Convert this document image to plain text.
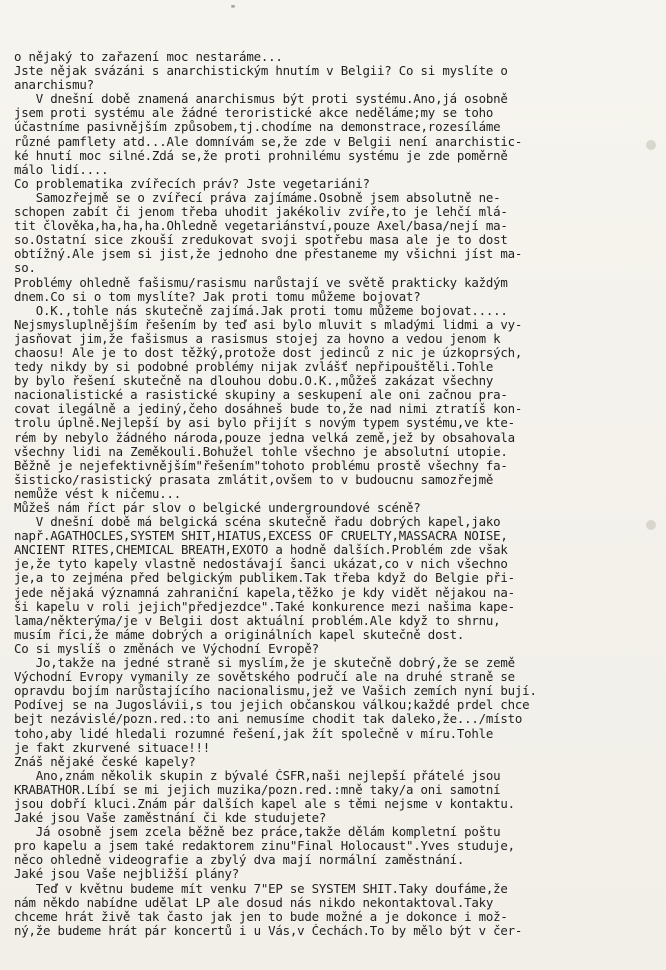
"
o nějaký to zařazení moc nestaráme...
Jste nějak svázáni s anarchistickým hnutím v Belgii? Co si myslíte o
anarchismu?
V dnešní době znamená anarchismus být proti systému.Ano,já osobně
jsem proti systému ale žádné teroristické akce neděláme;my se toho
účastníme pasivnějším způsobem,tj.chodíme na demonstrace,rozesíláme
různé pamflety atd...Ale domnívám se,že zde v Belgii není anarchistic-
ké hnutí moc silné.Zdá se,že proti prohnilému systému je zde poměrně
málo lidí....
Co problematika zvířecích práv? Jste vegetariáni?
Samozřejmě se o zvířecí práva zajímáme.Osobně jsem absolutně ne-
schopen zabít či jenom třeba uhodit jakékoliv zvíře,to je lehčí mlá-
tit člověka,ha,ha,ha.Ohledně vegetariánství,pouze Axel/basa/nejí ma-
so.Ostatní sice zkouší zredukovat svoji spotřebu masa ale je to dost
obtížný.Ale jsem si jist,že jednoho dne přestaneme my všichni jíst ma-
so.
Problémy ohledně fašismu/rasismu narůstají ve světě prakticky každým
dnem.Co si o tom myslíte? Jak proti tomu můžeme bojovat?
O.K.,tohle nás skutečně zajímá.Jak proti tomu můžeme bojovat.....
Nejsmysluplnějším řešením by teď asi bylo mluvit s mladými lidmi a vy-
jasňovat jim,že fašismus a rasismus stojej za hovno a vedou jenom k
chaosu! Ale je to dost těžký,protože dost jedinců z nic je úzkoprsých,
tedy nikdy by si podobné problémy nijak zvlášť nepřipouštěli.Tohle
by bylo řešení skutečně na dlouhou dobu.O.K.,můžeš zakázat všechny
nacionalistické a rasistické skupiny a seskupení ale oni začnou pra-
covat ilegálně a jediný,čeho dosáhneš bude to,že nad nimi ztratíš kon-
trolu úplně.Nejlepší by asi bylo přijít s novým typem systému,ve kte-
rém by nebylo žádného národa,pouze jedna velká země,jež by obsahovala
všechny lidi na Zeměkouli.Bohužel tohle všechno je absolutní utopie.
Běžně je nejefektivnějším"řešením"tohoto problému prostě všechny fa-
šisticko/rasistický prasata zmlátit,ovšem to v budoucnu samozřejmě
nemůže vést k ničemu...
Můžeš nám říct pár slov o belgické undergroundové scéně?
V dnešní době má belgická scéna skutečně řadu dobrých kapel,jako
např.AGATHOCLES,SYSTEM SHIT,HIATUS,EXCESS OF CRUELTY,MASSACRA NOISE,
ANCIENT RITES,CHEMICAL BREATH,EXOTO a hodně dalších.Problém zde však
je,že tyto kapely vlastně nedostávají šanci ukázat,co v nich všechno
je,a to zejména před belgickým publikem.Tak třeba když do Belgie při-
jede nějaká významná zahraniční kapela,těžko je kdy vidět nějakou na-
ši kapelu v roli jejich"předjezdce".Také konkurence mezi našima kape-
lama/některýma/je v Belgii dost aktuální problém.Ale když to shrnu,
musím říci,že máme dobrých a originálních kapel skutečně dost.
Co si myslíš o změnách ve Východní Evropě?
Jo,takže na jedné straně si myslím,že je skutečně dobrý,že se země
Východní Evropy vymanily ze sovětského područí ale na druhé straně se
opravdu bojím narůstajícího nacionalismu,jež ve Vašich zemích nyní bují.
Podívej se na Jugoslávii,s tou jejich občanskou válkou;každé prdel chce
bejt nezávislé/pozn.red.:to ani nemusíme chodit tak daleko,že.../místo
toho,aby lidé hledali rozumné řešení,jak žít společně v míru.Tohle
je fakt zkurvené situace!!!
Znáš nějaké české kapely?
Ano,znám několik skupin z bývalé ČSFR,naši nejlepší přátelé jsou
KRABATHOR.Líbí se mi jejich muzika/pozn.red.:mně taky/a oni samotní
jsou dobří kluci.Znám pár dalších kapel ale s těmi nejsme v kontaktu.
Jaké jsou Vaše zaměstnání či kde studujete?
Já osobně jsem zcela běžně bez práce,takže dělám kompletní poštu
pro kapelu a jsem také redaktorem zinu"Final Holocaust".Yves studuje,
něco ohledně videografie a zbylý dva mají normální zaměstnání.
Jaké jsou Vaše nejbližší plány?
Teď v květnu budeme mít venku 7"EP se SYSTEM SHIT.Taky doufáme,že
nám někdo nabídne udělat LP ale dosud nás nikdo nekontaktoval.Taky
chceme hrát živě tak často jak jen to bude možné a je dokonce i mož-
ný,že budeme hrát pár koncertů i u Vás,v Čechách.To by mělo být v čer-
